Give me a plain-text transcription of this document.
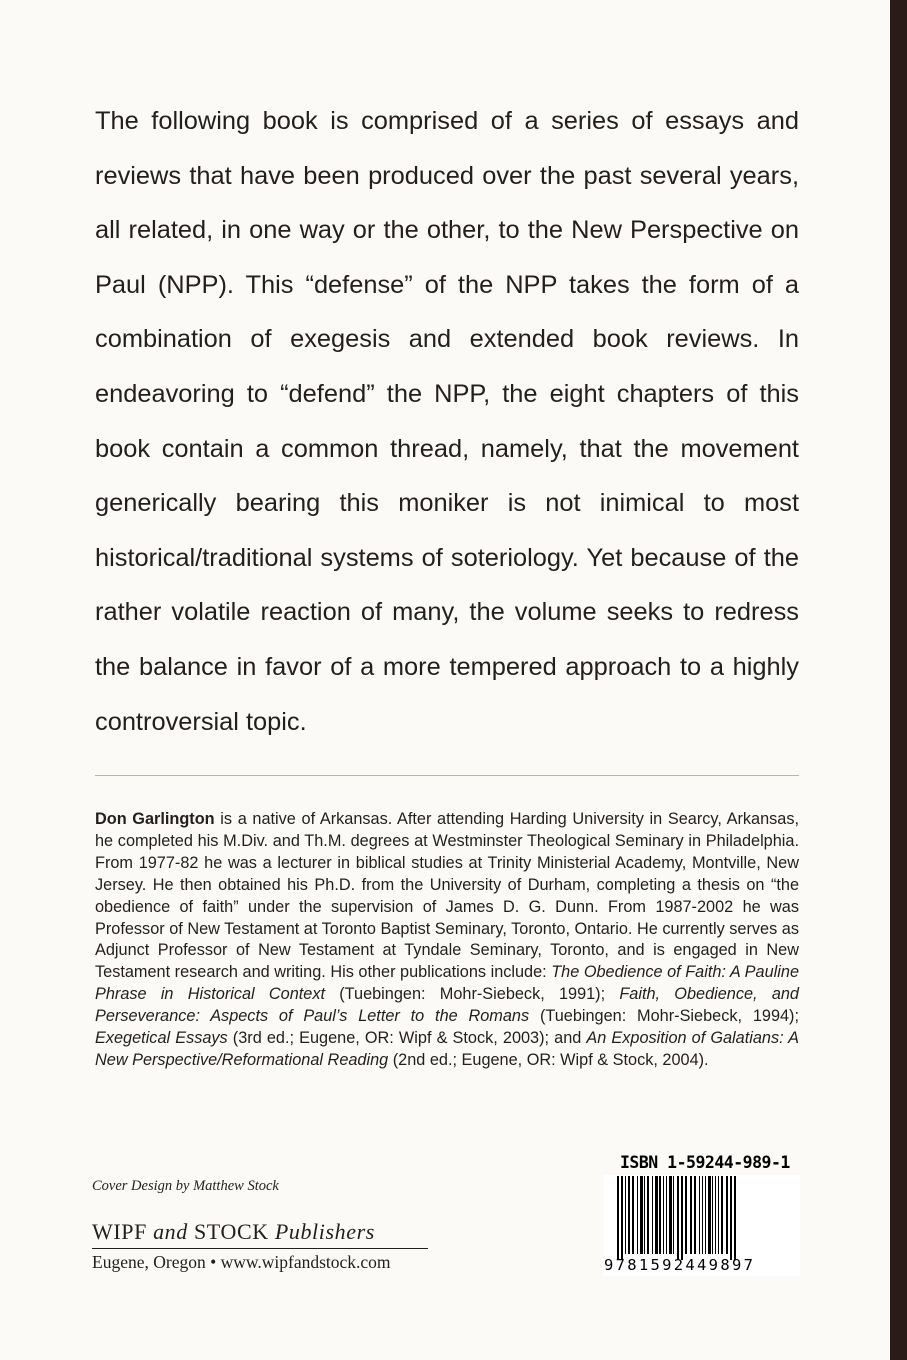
The following book is comprised of a series of essays and reviews that have been produced over the past several years, all related, in one way or the other, to the New Perspective on Paul (NPP). This “defense” of the NPP takes the form of a combination of exegesis and extended book reviews. In endeavoring to “defend” the NPP, the eight chapters of this book contain a common thread, namely, that the movement generically bearing this moniker is not inimical to most historical/traditional systems of soteriology. Yet because of the rather volatile reaction of many, the volume seeks to redress the balance in favor of a more tempered approach to a highly controversial topic.

Don Garlington is a native of Arkansas. After attending Harding University in Searcy, Arkansas, he completed his M.Div. and Th.M. degrees at Westminster Theological Seminary in Philadelphia. From 1977-82 he was a lecturer in biblical studies at Trinity Ministerial Academy, Montville, New Jersey. He then obtained his Ph.D. from the University of Durham, completing a thesis on “the obedience of faith” under the supervision of James D. G. Dunn. From 1987-2002 he was Professor of New Testament at Toronto Baptist Seminary, Toronto, Ontario. He currently serves as Adjunct Professor of New Testament at Tyndale Seminary, Toronto, and is engaged in New Testament research and writing. His other publications include: The Obedience of Faith: A Pauline Phrase in Historical Context (Tuebingen: Mohr-Siebeck, 1991); Faith, Obedience, and Perseverance: Aspects of Paul’s Letter to the Romans (Tuebingen: Mohr-Siebeck, 1994); Exegetical Essays (3rd ed.; Eugene, OR: Wipf & Stock, 2003); and An Exposition of Galatians: A New Perspective/Reformational Reading (2nd ed.; Eugene, OR: Wipf & Stock, 2004).

Cover Design by Matthew Stock
WIPF and STOCK Publishers
Eugene, Oregon • www.wipfandstock.com
ISBN 1-59244-989-1
9781592449897
